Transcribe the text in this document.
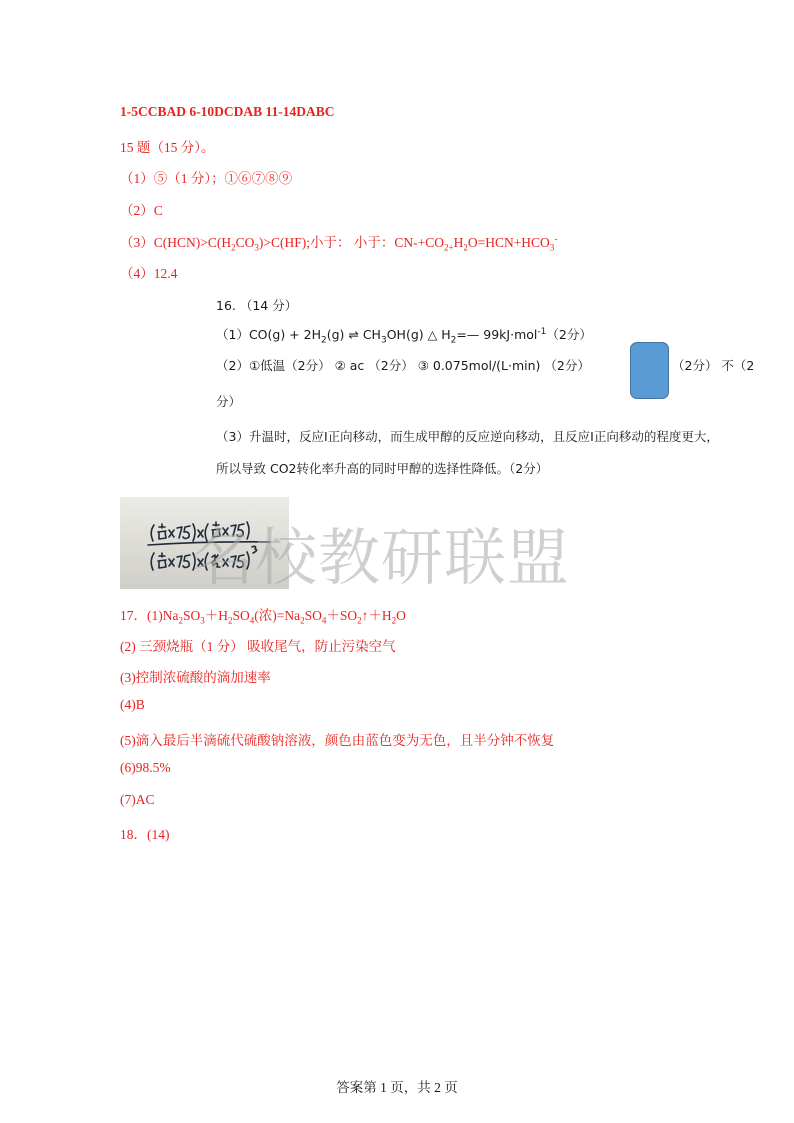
1-5CCBAD 6-10DCDAB 11-14DABC
15 题（15 分）。
（1）⑤（1 分）；①⑥⑦⑧⑨
（2）C
$(3)C(HCN)>C(H_2CO_3)>C(HF)$;小于： 小于：$CN-+CO_{2+}H_2O=HCN+HCO_3^-$
（4）12.4
16. （14 分）
$(1)CO(g) + 2H_2(g)$ ⇌ $CH_3OH(g)$ △ $H_2=—$ 99kJ·mol$^{-1}$（2分）
（2）①低温（2分） ② ac （2分） ③ 0.075mol/(L·min) （2分）	（2分） 不（2
分）
（3）升温时，反应I正向移动，而生成甲醇的反应逆向移动，且反应I正向移动的程度更大，
所以导致 CO2转化率升高的同时甲醇的选择性降低。（2分）
名校教研联盟
17．$(1)Na_2SO_3+H_2SO_4$(浓)$=Na_2SO_4+SO_2↑+H_2O$
(2) 三颈烧瓶（1 分） 吸收尾气，防止污染空气
(3)控制浓硫酸的滴加速率
(4)B
(5)滴入最后半滴硫代硫酸钠溶液，颜色由蓝色变为无色，且半分钟不恢复
(6)98.5%
(7)AC
18．(14)
答案第 1 页，共 2 页
